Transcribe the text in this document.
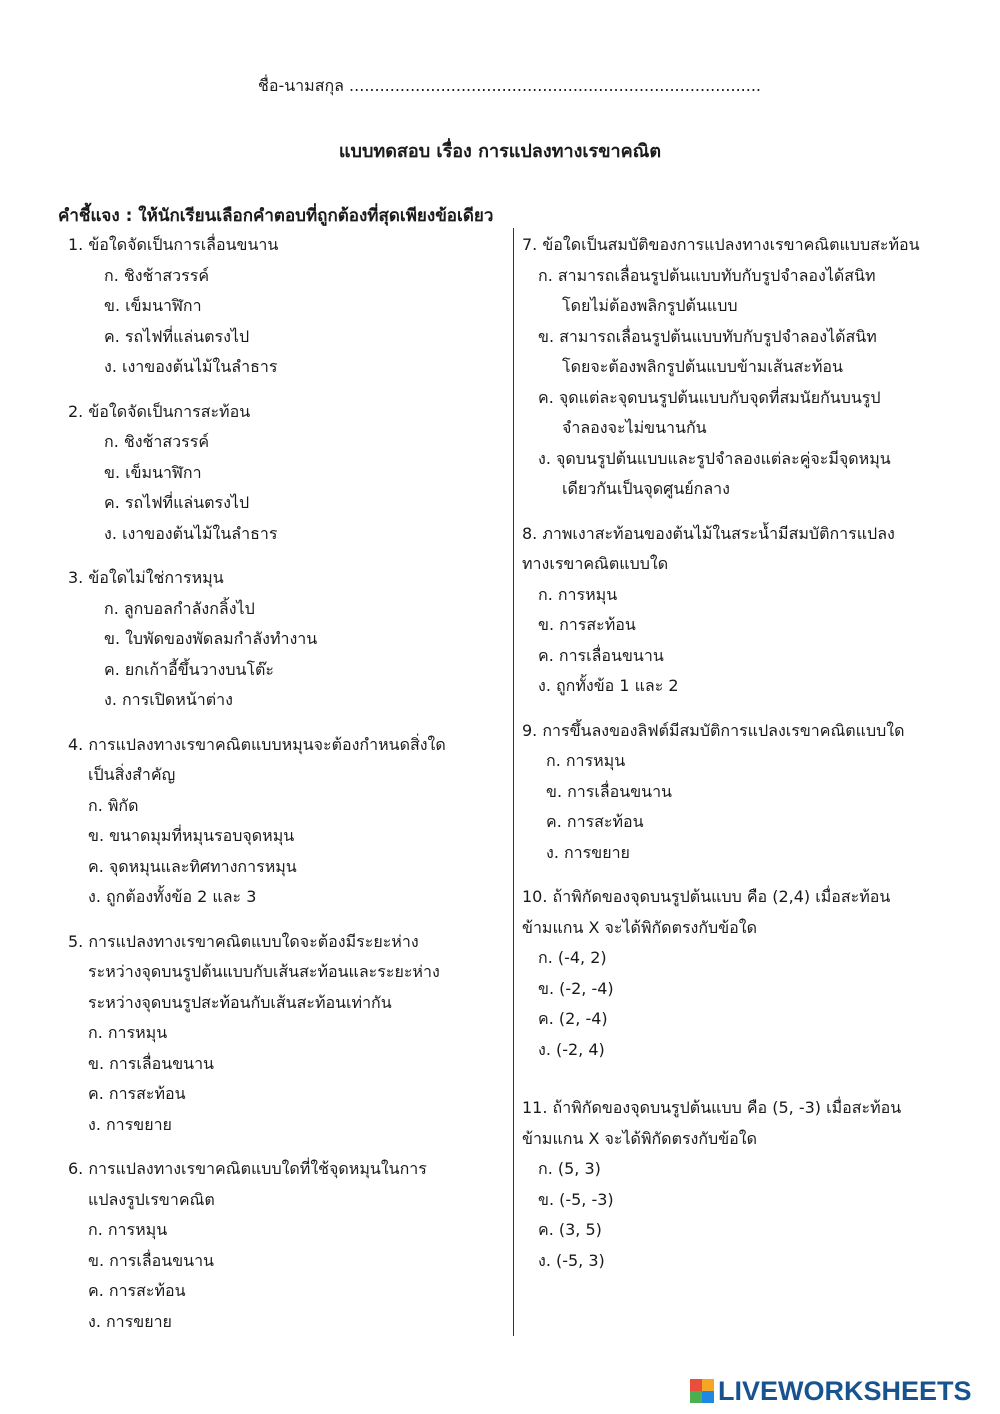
ชื่อ-นามสกุล .................................................................................
แบบทดสอบ เรื่อง การแปลงทางเรขาคณิต
คำชี้แจง : ให้นักเรียนเลือกคำตอบที่ถูกต้องที่สุดเพียงข้อเดียว
1. ข้อใดจัดเป็นการเลื่อนขนาน
ก. ชิงช้าสวรรค์
ข. เข็มนาฬิกา
ค. รถไฟที่แล่นตรงไป
ง. เงาของต้นไม้ในลำธาร
2. ข้อใดจัดเป็นการสะท้อน
ก. ชิงช้าสวรรค์
ข. เข็มนาฬิกา
ค. รถไฟที่แล่นตรงไป
ง. เงาของต้นไม้ในลำธาร
3. ข้อใดไม่ใช่การหมุน
ก. ลูกบอลกำลังกลิ้งไป
ข. ใบพัดของพัดลมกำลังทำงาน
ค. ยกเก้าอี้ขึ้นวางบนโต๊ะ
ง. การเปิดหน้าต่าง
4. การแปลงทางเรขาคณิตแบบหมุนจะต้องกำหนดสิ่งใด
เป็นสิ่งสำคัญ
ก. พิกัด
ข. ขนาดมุมที่หมุนรอบจุดหมุน
ค. จุดหมุนและทิศทางการหมุน
ง. ถูกต้องทั้งข้อ 2 และ 3
5. การแปลงทางเรขาคณิตแบบใดจะต้องมีระยะห่าง
ระหว่างจุดบนรูปต้นแบบกับเส้นสะท้อนและระยะห่าง
ระหว่างจุดบนรูปสะท้อนกับเส้นสะท้อนเท่ากัน
ก. การหมุน
ข. การเลื่อนขนาน
ค. การสะท้อน
ง. การขยาย
6. การแปลงทางเรขาคณิตแบบใดที่ใช้จุดหมุนในการ
แปลงรูปเรขาคณิต
ก. การหมุน
ข. การเลื่อนขนาน
ค. การสะท้อน
ง. การขยาย
7. ข้อใดเป็นสมบัติของการแปลงทางเรขาคณิตแบบสะท้อน
ก. สามารถเลื่อนรูปต้นแบบทับกับรูปจำลองได้สนิท
โดยไม่ต้องพลิกรูปต้นแบบ
ข. สามารถเลื่อนรูปต้นแบบทับกับรูปจำลองได้สนิท
โดยจะต้องพลิกรูปต้นแบบข้ามเส้นสะท้อน
ค. จุดแต่ละจุดบนรูปต้นแบบกับจุดที่สมนัยกันบนรูป
จำลองจะไม่ขนานกัน
ง. จุดบนรูปต้นแบบและรูปจำลองแต่ละคู่จะมีจุดหมุน
เดียวกันเป็นจุดศูนย์กลาง
8. ภาพเงาสะท้อนของต้นไม้ในสระน้ำมีสมบัติการแปลง
ทางเรขาคณิตแบบใด
ก. การหมุน
ข. การสะท้อน
ค. การเลื่อนขนาน
ง. ถูกทั้งข้อ 1 และ 2
9. การขึ้นลงของลิฟต์มีสมบัติการแปลงเรขาคณิตแบบใด
ก. การหมุน
ข. การเลื่อนขนาน
ค. การสะท้อน
ง. การขยาย
10. ถ้าพิกัดของจุดบนรูปต้นแบบ คือ (2,4) เมื่อสะท้อน
ข้ามแกน X จะได้พิกัดตรงกับข้อใด
ก. (-4, 2)
ข. (-2, -4)
ค. (2, -4)
ง. (-2, 4)
11. ถ้าพิกัดของจุดบนรูปต้นแบบ คือ (5, -3) เมื่อสะท้อน
ข้ามแกน X จะได้พิกัดตรงกับข้อใด
ก. (5, 3)
ข. (-5, -3)
ค. (3, 5)
ง. (-5, 3)
LIVEWORKSHEETS
